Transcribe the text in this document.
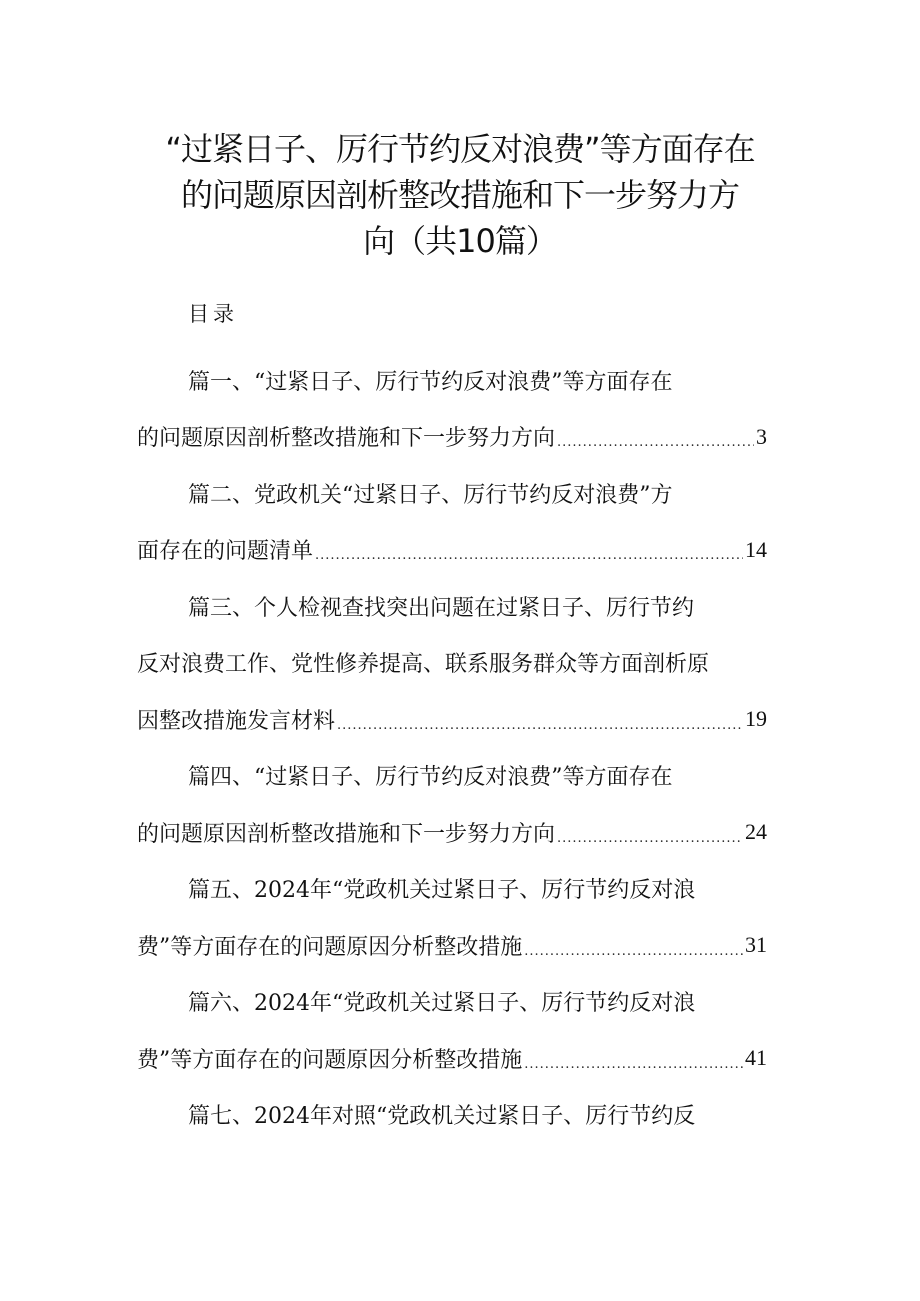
“过紧日子、厉行节约反对浪费”等方面存在
的问题原因剖析整改措施和下一步努力方
向（共10篇）
目录
篇一、“过紧日子、厉行节约反对浪费”等方面存在
的问题原因剖析整改措施和下一步努力方向 .....	3
篇二、党政机关“过紧日子、厉行节约反对浪费”方
面存在的问题清单 .....	14
篇三、个人检视查找突出问题在过紧日子、厉行节约
反对浪费工作、党性修养提高、联系服务群众等方面剖析原
因整改措施发言材料 .....	19
篇四、“过紧日子、厉行节约反对浪费”等方面存在
的问题原因剖析整改措施和下一步努力方向 .....	24
篇五、2024年“党政机关过紧日子、厉行节约反对浪
费”等方面存在的问题原因分析整改措施 .....	31
篇六、2024年“党政机关过紧日子、厉行节约反对浪
费”等方面存在的问题原因分析整改措施 .....	41
篇七、2024年对照“党政机关过紧日子、厉行节约反
